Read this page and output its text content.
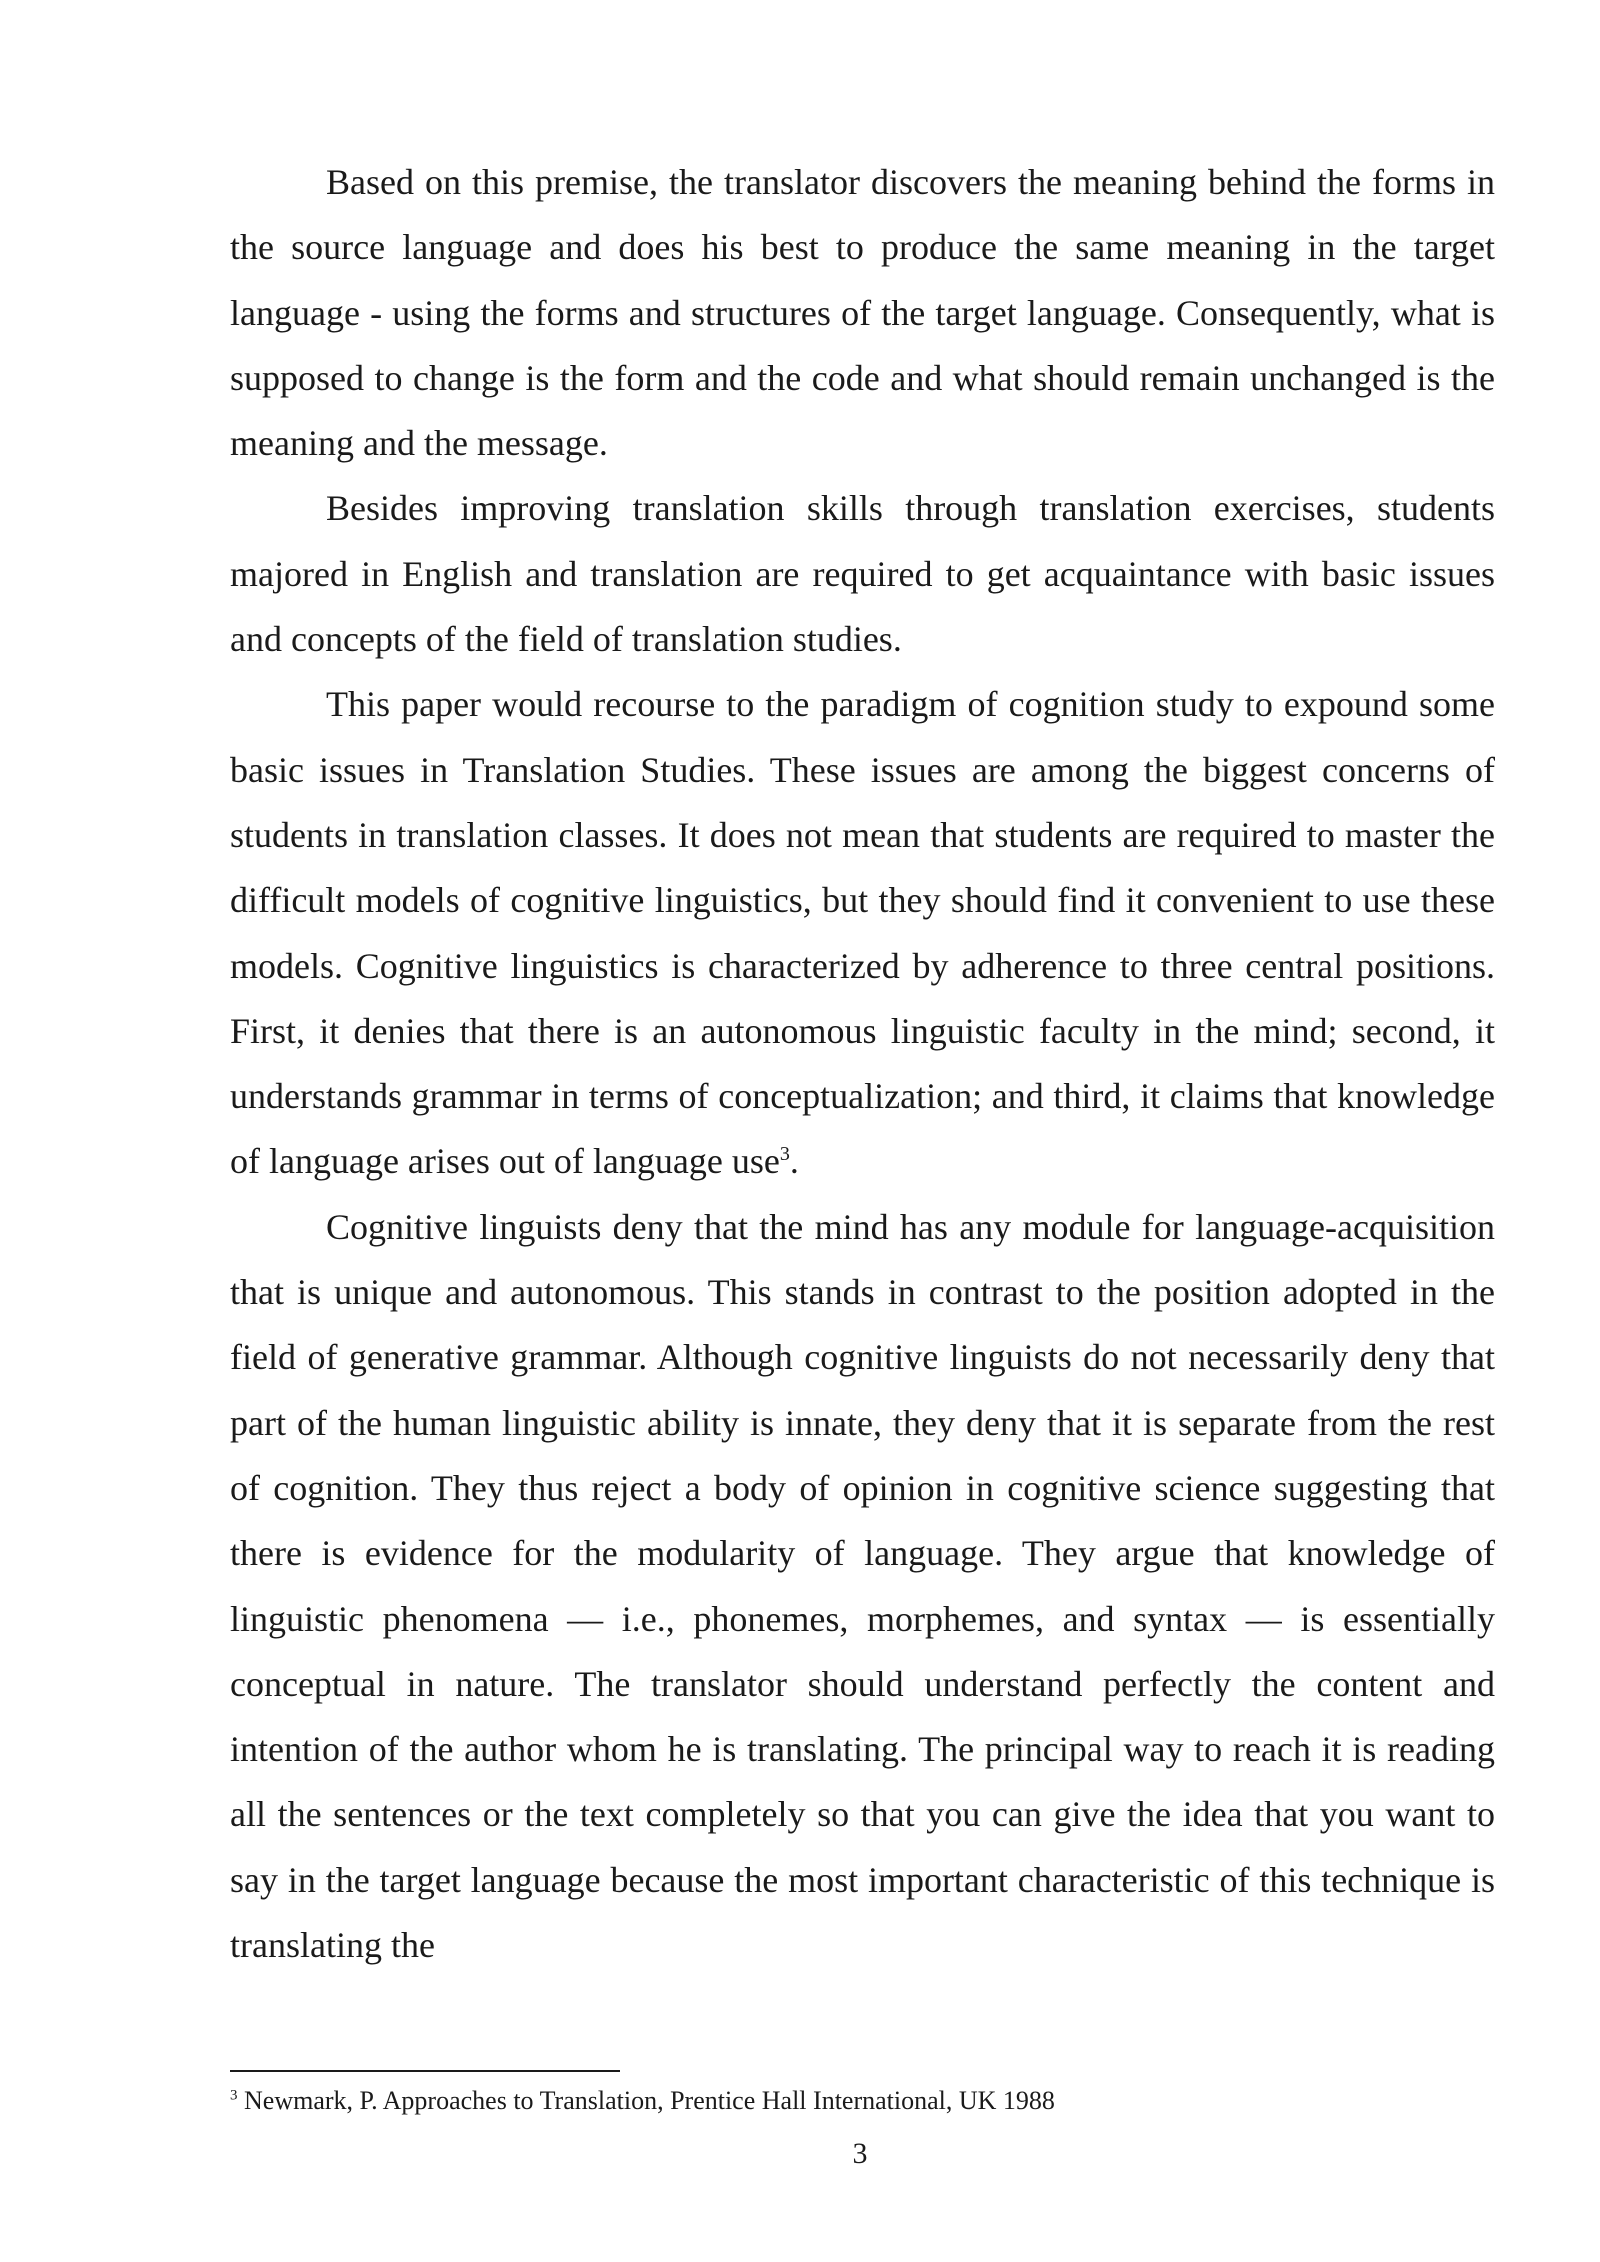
Based on this premise, the translator discovers the meaning behind the forms in the source language and does his best to produce the same meaning in the target language - using the forms and structures of the target language. Consequently, what is supposed to change is the form and the code and what should remain unchanged is the meaning and the message.

Besides improving translation skills through translation exercises, students majored in English and translation are required to get acquaintance with basic issues and concepts of the field of translation studies.

This paper would recourse to the paradigm of cognition study to expound some basic issues in Translation Studies. These issues are among the biggest concerns of students in translation classes. It does not mean that students are required to master the difficult models of cognitive linguistics, but they should find it convenient to use these models. Cognitive linguistics is characterized by adherence to three central positions. First, it denies that there is an autonomous linguistic faculty in the mind; second, it understands grammar in terms of conceptualization; and third, it claims that knowledge of language arises out of language use$^3$.

Cognitive linguists deny that the mind has any module for language-acquisition that is unique and autonomous. This stands in contrast to the position adopted in the field of generative grammar. Although cognitive linguists do not necessarily deny that part of the human linguistic ability is innate, they deny that it is separate from the rest of cognition. They thus reject a body of opinion in cognitive science suggesting that there is evidence for the modularity of language. They argue that knowledge of linguistic phenomena — i.e., phonemes, morphemes, and syntax — is essentially conceptual in nature. The translator should understand perfectly the content and intention of the author whom he is translating. The principal way to reach it is reading all the sentences or the text completely so that you can give the idea that you want to say in the target language because the most important characteristic of this technique is translating the

$^3$ Newmark, P. Approaches to Translation, Prentice Hall International, UK 1988
3
